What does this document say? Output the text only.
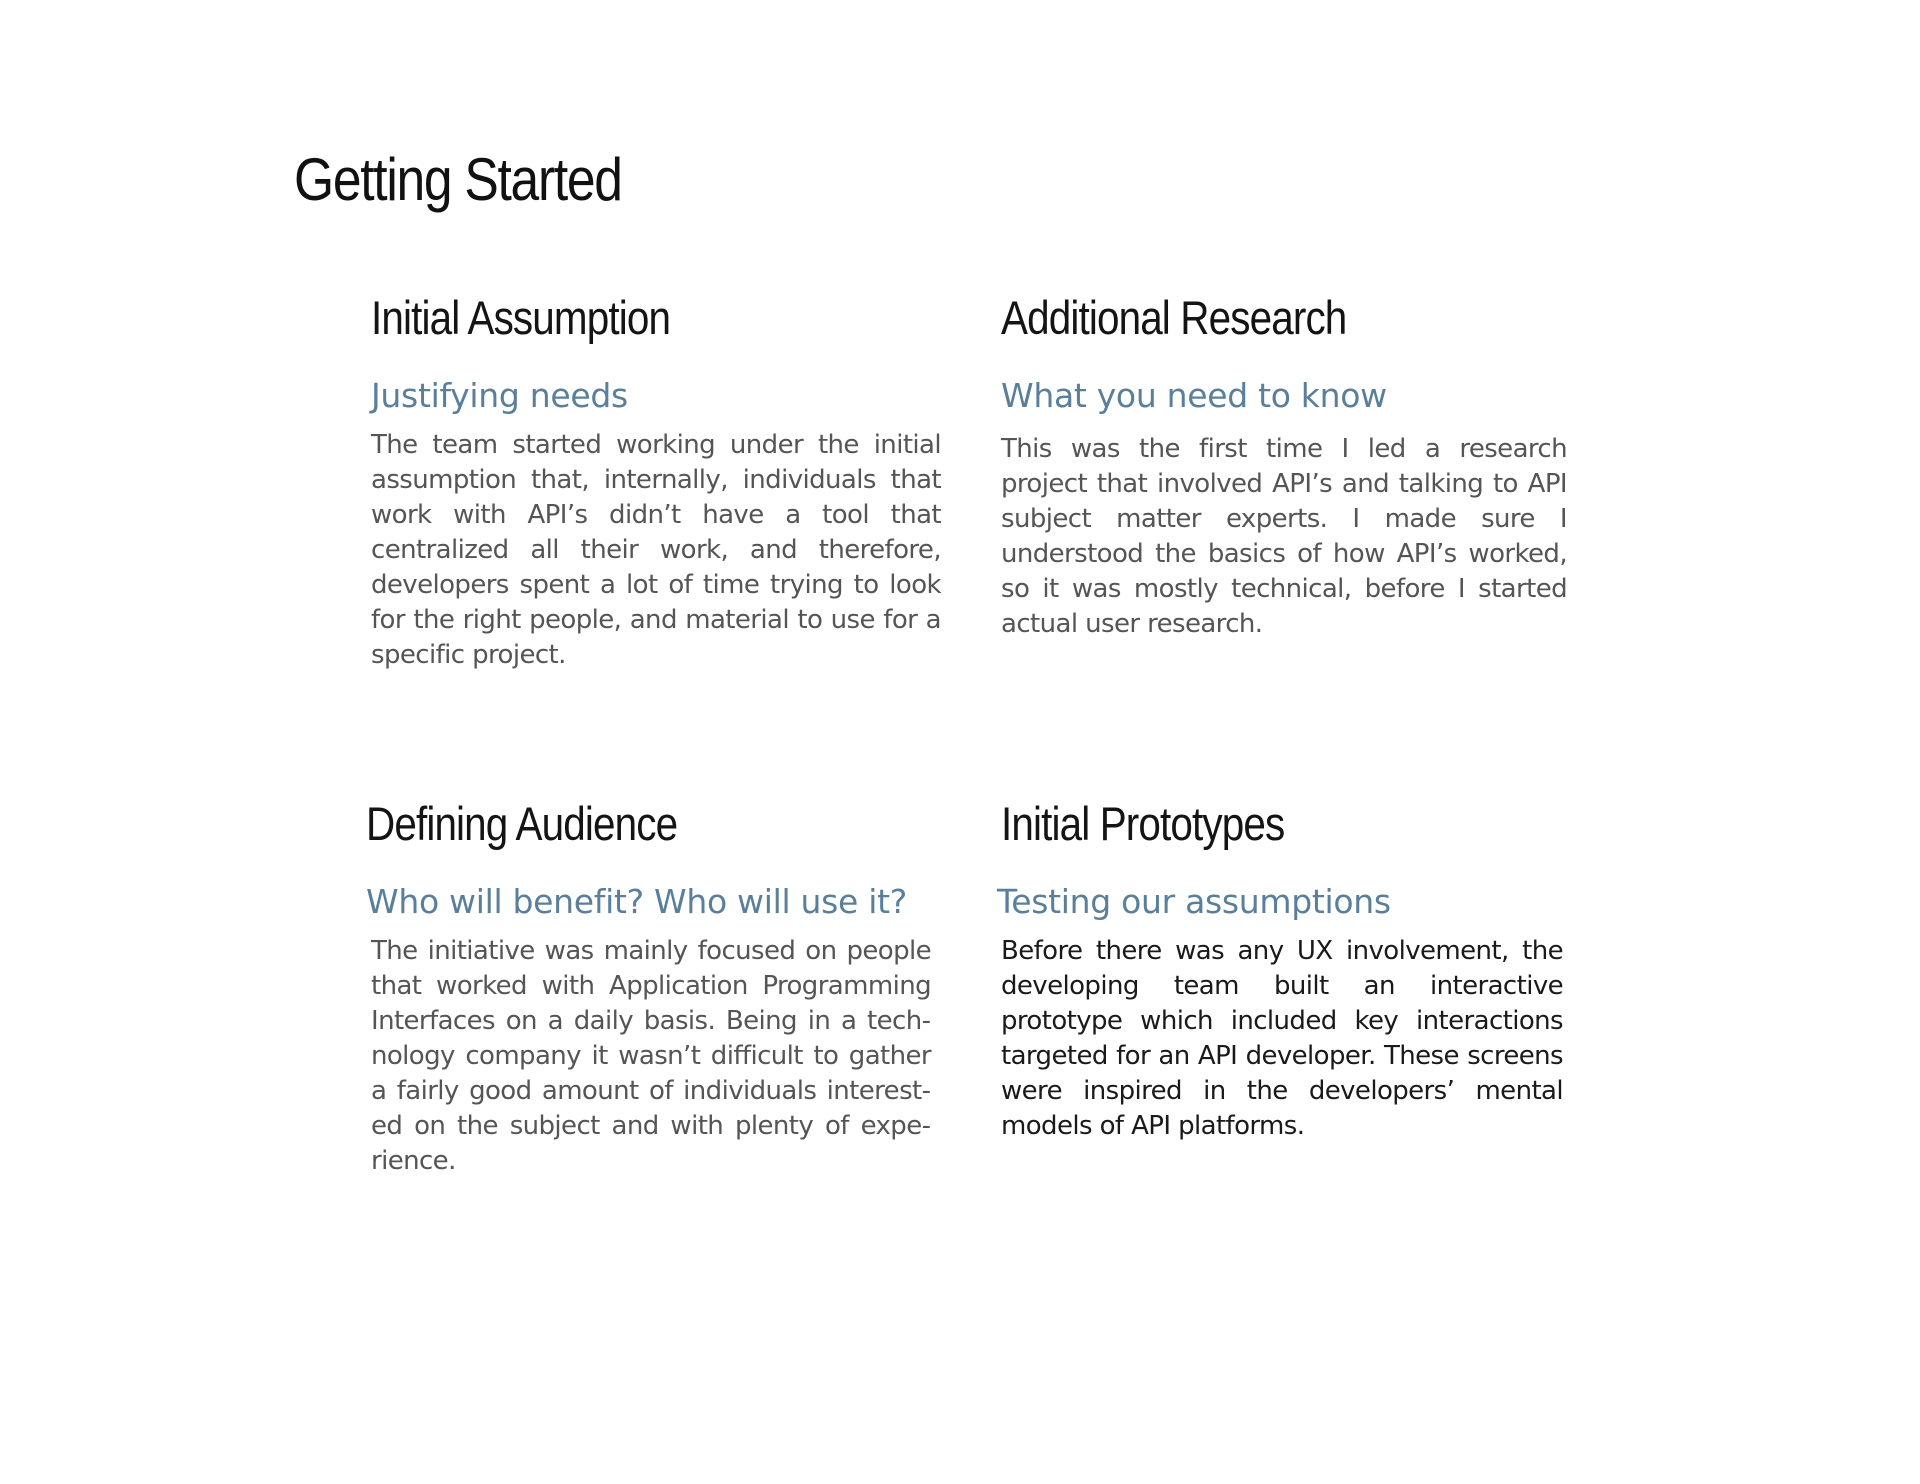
Getting Started
Initial Assumption
Justifying needs

The team started working under the initial assumption that, internally, individuals that work with API’s didn’t have a tool that centralized all their work, and therefore, developers spent a lot of time trying to look for the right people, and material to use for a specific project.

Additional Research
What you need to know

This was the first time I led a research project that involved API’s and talking to API subject matter experts. I made sure I understood the basics of how API’s worked, so it was mostly technical, before I started actual user research.

Defining Audience
Who will benefit? Who will use it?

The initiative was mainly focused on people that worked with Application Programming Interfaces on a daily basis. Being in a technology company it wasn’t difficult to gather a fairly good amount of individuals interested on the subject and with plenty of experience.

Initial Prototypes
Testing our assumptions

Before there was any UX involvement, the developing team built an interactive prototype which included key interactions targeted for an API developer. These screens were inspired in the developers’ mental models of API platforms.
